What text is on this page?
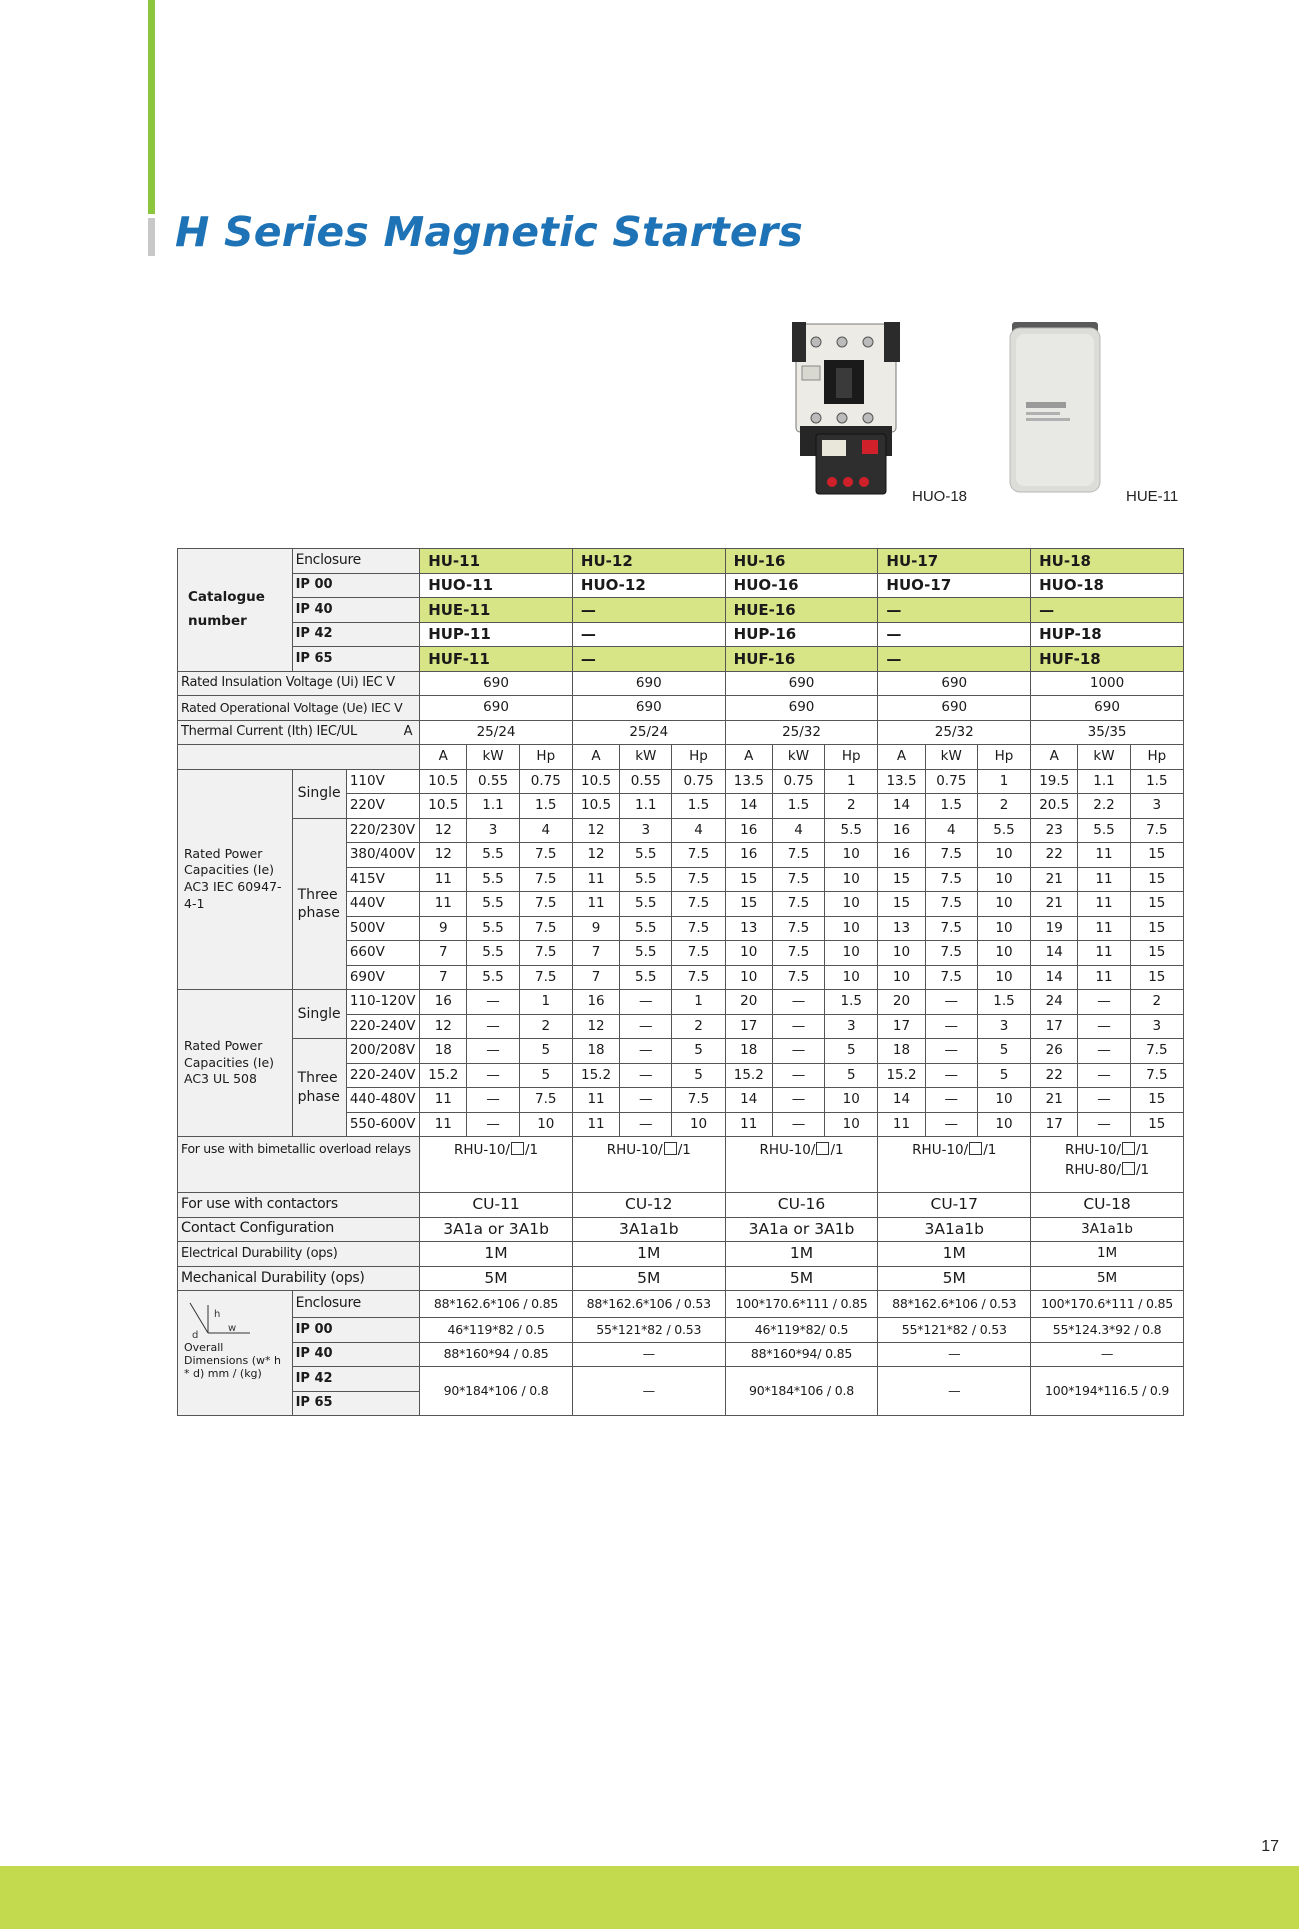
H Series Magnetic Starters
HUO-18	HUE-11
Catalogue number	Enclosure		HU-11			HU-12			HU-16			HU-17			HU-18		
	IP 00		HUO-11			HUO-12			HUO-16			HUO-17			HUO-18		
	IP 40		HUE-11			—			HUE-16			—			—		
	IP 42		HUP-11			—			HUP-16			—			HUP-18		
	IP 65		HUF-11			—			HUF-16			—			HUF-18		
Rated Insulation Voltage (Ui) IEC V			690			690			690			690			1000		
Rated Operational Voltage (Ue) IEC V			690			690			690			690			690		
Thermal Current (Ith) IEC/UL A			25/24			25/24			25/32			25/32			35/35		
			A	kW	Hp	A	kW	Hp	A	kW	Hp	A	kW	Hp	A	kW	Hp
Rated Power Capacities (Ie) AC3 IEC 60947-4-1	Single	110V	10.5	0.55	0.75	10.5	0.55	0.75	13.5	0.75	1	13.5	0.75	1	19.5	1.1	1.5
		220V	10.5	1.1	1.5	10.5	1.1	1.5	14	1.5	2	14	1.5	2	20.5	2.2	3
	Three phase	220/230V	12	3	4	12	3	4	16	4	5.5	16	4	5.5	23	5.5	7.5
		380/400V	12	5.5	7.5	12	5.5	7.5	16	7.5	10	16	7.5	10	22	11	15
		415V	11	5.5	7.5	11	5.5	7.5	15	7.5	10	15	7.5	10	21	11	15
		440V	11	5.5	7.5	11	5.5	7.5	15	7.5	10	15	7.5	10	21	11	15
		500V	9	5.5	7.5	9	5.5	7.5	13	7.5	10	13	7.5	10	19	11	15
		660V	7	5.5	7.5	7	5.5	7.5	10	7.5	10	10	7.5	10	14	11	15
		690V	7	5.5	7.5	7	5.5	7.5	10	7.5	10	10	7.5	10	14	11	15
Rated Power Capacities (Ie) AC3 UL 508	Single	110-120V	16	—	1	16	—	1	20	—	1.5	20	—	1.5	24	—	2
		220-240V	12	—	2	12	—	2	17	—	3	17	—	3	17	—	3
	Three phase	200/208V	18	—	5	18	—	5	18	—	5	18	—	5	26	—	7.5
		220-240V	15.2	—	5	15.2	—	5	15.2	—	5	15.2	—	5	22	—	7.5
		440-480V	11	—	7.5	11	—	7.5	14	—	10	14	—	10	21	—	15
		550-600V	11	—	10	11	—	10	11	—	10	11	—	10	17	—	15
For use with bimetallic overload relays			RHU-10/ /1			RHU-10/ /1			RHU-10/ /1			RHU-10/ /1			RHU-10/ /1
RHU-80/ /1		
For use with contactors			CU-11			CU-12			CU-16			CU-17			CU-18		
Contact Configuration			3A1a or 3A1b			3A1a1b			3A1a or 3A1b			3A1a1b			3A1a1b		
Electrical Durability (ops)			1M			1M			1M			1M			1M		
Mechanical Durability (ops)			5M			5M			5M			5M			5M		

h
w
d
Overall Dimensions (w* h * d) mm / (kg)	Enclosure		88*162.6*106 / 0.85			88*162.6*106 / 0.53			100*170.6*111 / 0.85			88*162.6*106 / 0.53			100*170.6*111 / 0.85		
	IP 00		46*119*82 / 0.5			55*121*82 / 0.53			46*119*82/ 0.5			55*121*82 / 0.53			55*124.3*92 / 0.8		
	IP 40		88*160*94 / 0.85			—			88*160*94/ 0.85			—			—		
	IP 42		90*184*106 / 0.8			—			90*184*106 / 0.8			—			100*194*116.5 / 0.9		
	IP 65																
17
